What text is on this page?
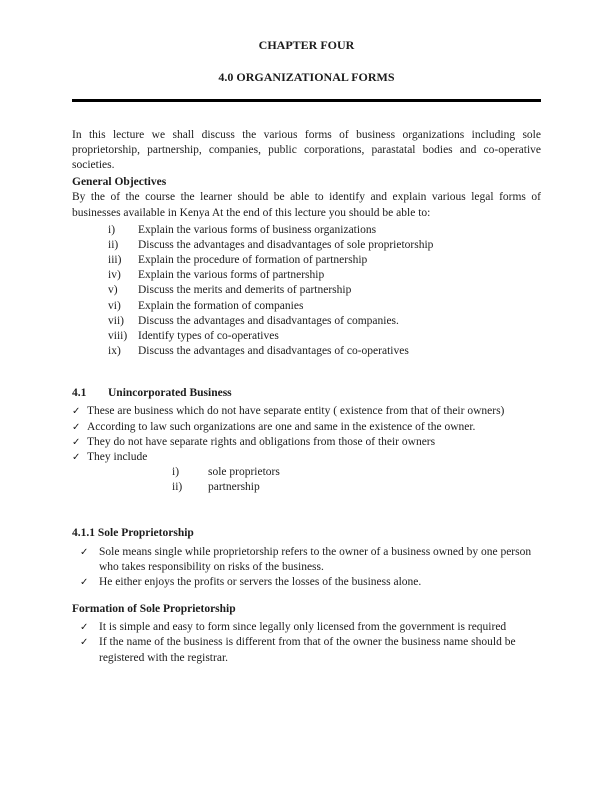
CHAPTER FOUR

4.0 ORGANIZATIONAL FORMS

In this lecture we shall discuss the various forms of business organizations including sole proprietorship, partnership, companies, public corporations, parastatal bodies and co-operative societies.

General Objectives

By the of the course the learner should be able to identify and explain various legal forms of businesses available in Kenya At the end of this lecture you should be able to:

i)	Explain the various forms of business organizations
ii)	Discuss the advantages and disadvantages of sole proprietorship
iii)	Explain the procedure of formation of partnership
iv)	Explain the various forms of partnership
v)	Discuss the merits and demerits of partnership
vi)	Explain the formation of companies
vii)	Discuss the advantages and disadvantages of companies.
viii) Identify types of co-operatives
ix)	Discuss the advantages and disadvantages of co-operatives

4.1 Unincorporated Business

✓ These are business which do not have separate entity ( existence from that of their owners)
✓ According to law such organizations are one and same in the existence of the owner.
✓ They do not have separate rights and obligations from those of their owners
✓ They include
i)	sole proprietors
ii)	partnership

4.1.1 Sole Proprietorship

✓ Sole means single while proprietorship refers to the owner of a business owned by one person who takes responsibility on risks of the business.
✓ He either enjoys the profits or servers the losses of the business alone.

Formation of Sole Proprietorship

✓ It is simple and easy to form since legally only licensed from the government is required
✓ If the name of the business is different from that of the owner the business name should be registered with the registrar.
